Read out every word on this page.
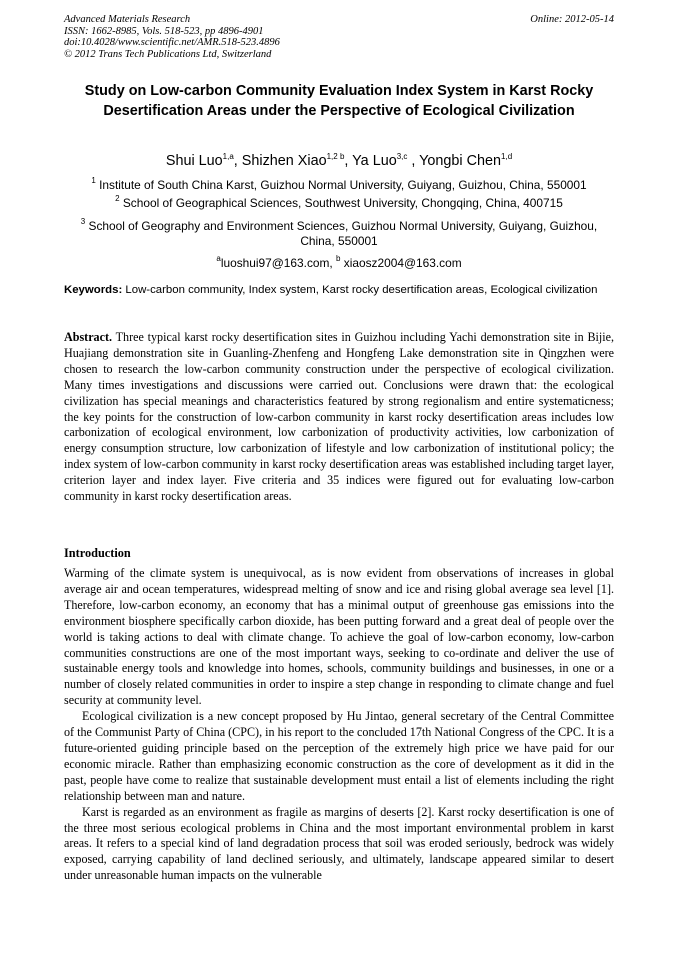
Advanced Materials Research
ISSN: 1662-8985, Vols. 518-523, pp 4896-4901
doi:10.4028/www.scientific.net/AMR.518-523.4896
© 2012 Trans Tech Publications Ltd, Switzerland
Online: 2012-05-14
Study on Low-carbon Community Evaluation Index System in Karst Rocky Desertification Areas under the Perspective of Ecological Civilization
Shui Luo$^{1,a}$, Shizhen Xiao$^{1,2 b}$, Ya Luo$^{3,c}$ , Yongbi Chen$^{1,d}$
$^1$ Institute of South China Karst, Guizhou Normal University, Guiyang, Guizhou, China, 550001
$^2$ School of Geographical Sciences, Southwest University, Chongqing, China, 400715
$^3$ School of Geography and Environment Sciences, Guizhou Normal University, Guiyang, Guizhou, China, 550001
$^a$luoshui97@163.com, $^b$ xiaosz2004@163.com
Keywords: Low-carbon community, Index system, Karst rocky desertification areas, Ecological civilization
Abstract. Three typical karst rocky desertification sites in Guizhou including Yachi demonstration site in Bijie, Huajiang demonstration site in Guanling-Zhenfeng and Hongfeng Lake demonstration site in Qingzhen were chosen to research the low-carbon community construction under the perspective of ecological civilization. Many times investigations and discussions were carried out. Conclusions were drawn that: the ecological civilization has special meanings and characteristics featured by strong regionalism and entire systematicness; the key points for the construction of low-carbon community in karst rocky desertification areas includes low carbonization of ecological environment, low carbonization of productivity activities, low carbonization of energy consumption structure, low carbonization of lifestyle and low carbonization of institutional policy; the index system of low-carbon community in karst rocky desertification areas was established including target layer, criterion layer and index layer. Five criteria and 35 indices were figured out for evaluating low-carbon community in karst rocky desertification areas.
Introduction

Warming of the climate system is unequivocal, as is now evident from observations of increases in global average air and ocean temperatures, widespread melting of snow and ice and rising global average sea level [1]. Therefore, low-carbon economy, an economy that has a minimal output of greenhouse gas emissions into the environment biosphere specifically carbon dioxide, has been putting forward and a great deal of people over the world is taking actions to deal with climate change. To achieve the goal of low-carbon economy, low-carbon communities constructions are one of the most important ways, seeking to co-ordinate and deliver the use of sustainable energy tools and knowledge into homes, schools, community buildings and businesses, in one or a number of closely related communities in order to inspire a step change in responding to climate change and fuel security at community level.

Ecological civilization is a new concept proposed by Hu Jintao, general secretary of the Central Committee of the Communist Party of China (CPC), in his report to the concluded 17th National Congress of the CPC. It is a future-oriented guiding principle based on the perception of the extremely high price we have paid for our economic miracle. Rather than emphasizing economic construction as the core of development as it did in the past, people have come to realize that sustainable development must entail a list of elements including the right relationship between man and nature.

Karst is regarded as an environment as fragile as margins of deserts [2]. Karst rocky desertification is one of the three most serious ecological problems in China and the most important environmental problem in karst areas. It refers to a special kind of land degradation process that soil was eroded seriously, bedrock was widely exposed, carrying capability of land declined seriously, and ultimately, landscape appeared similar to desert under unreasonable human impacts on the vulnerable
